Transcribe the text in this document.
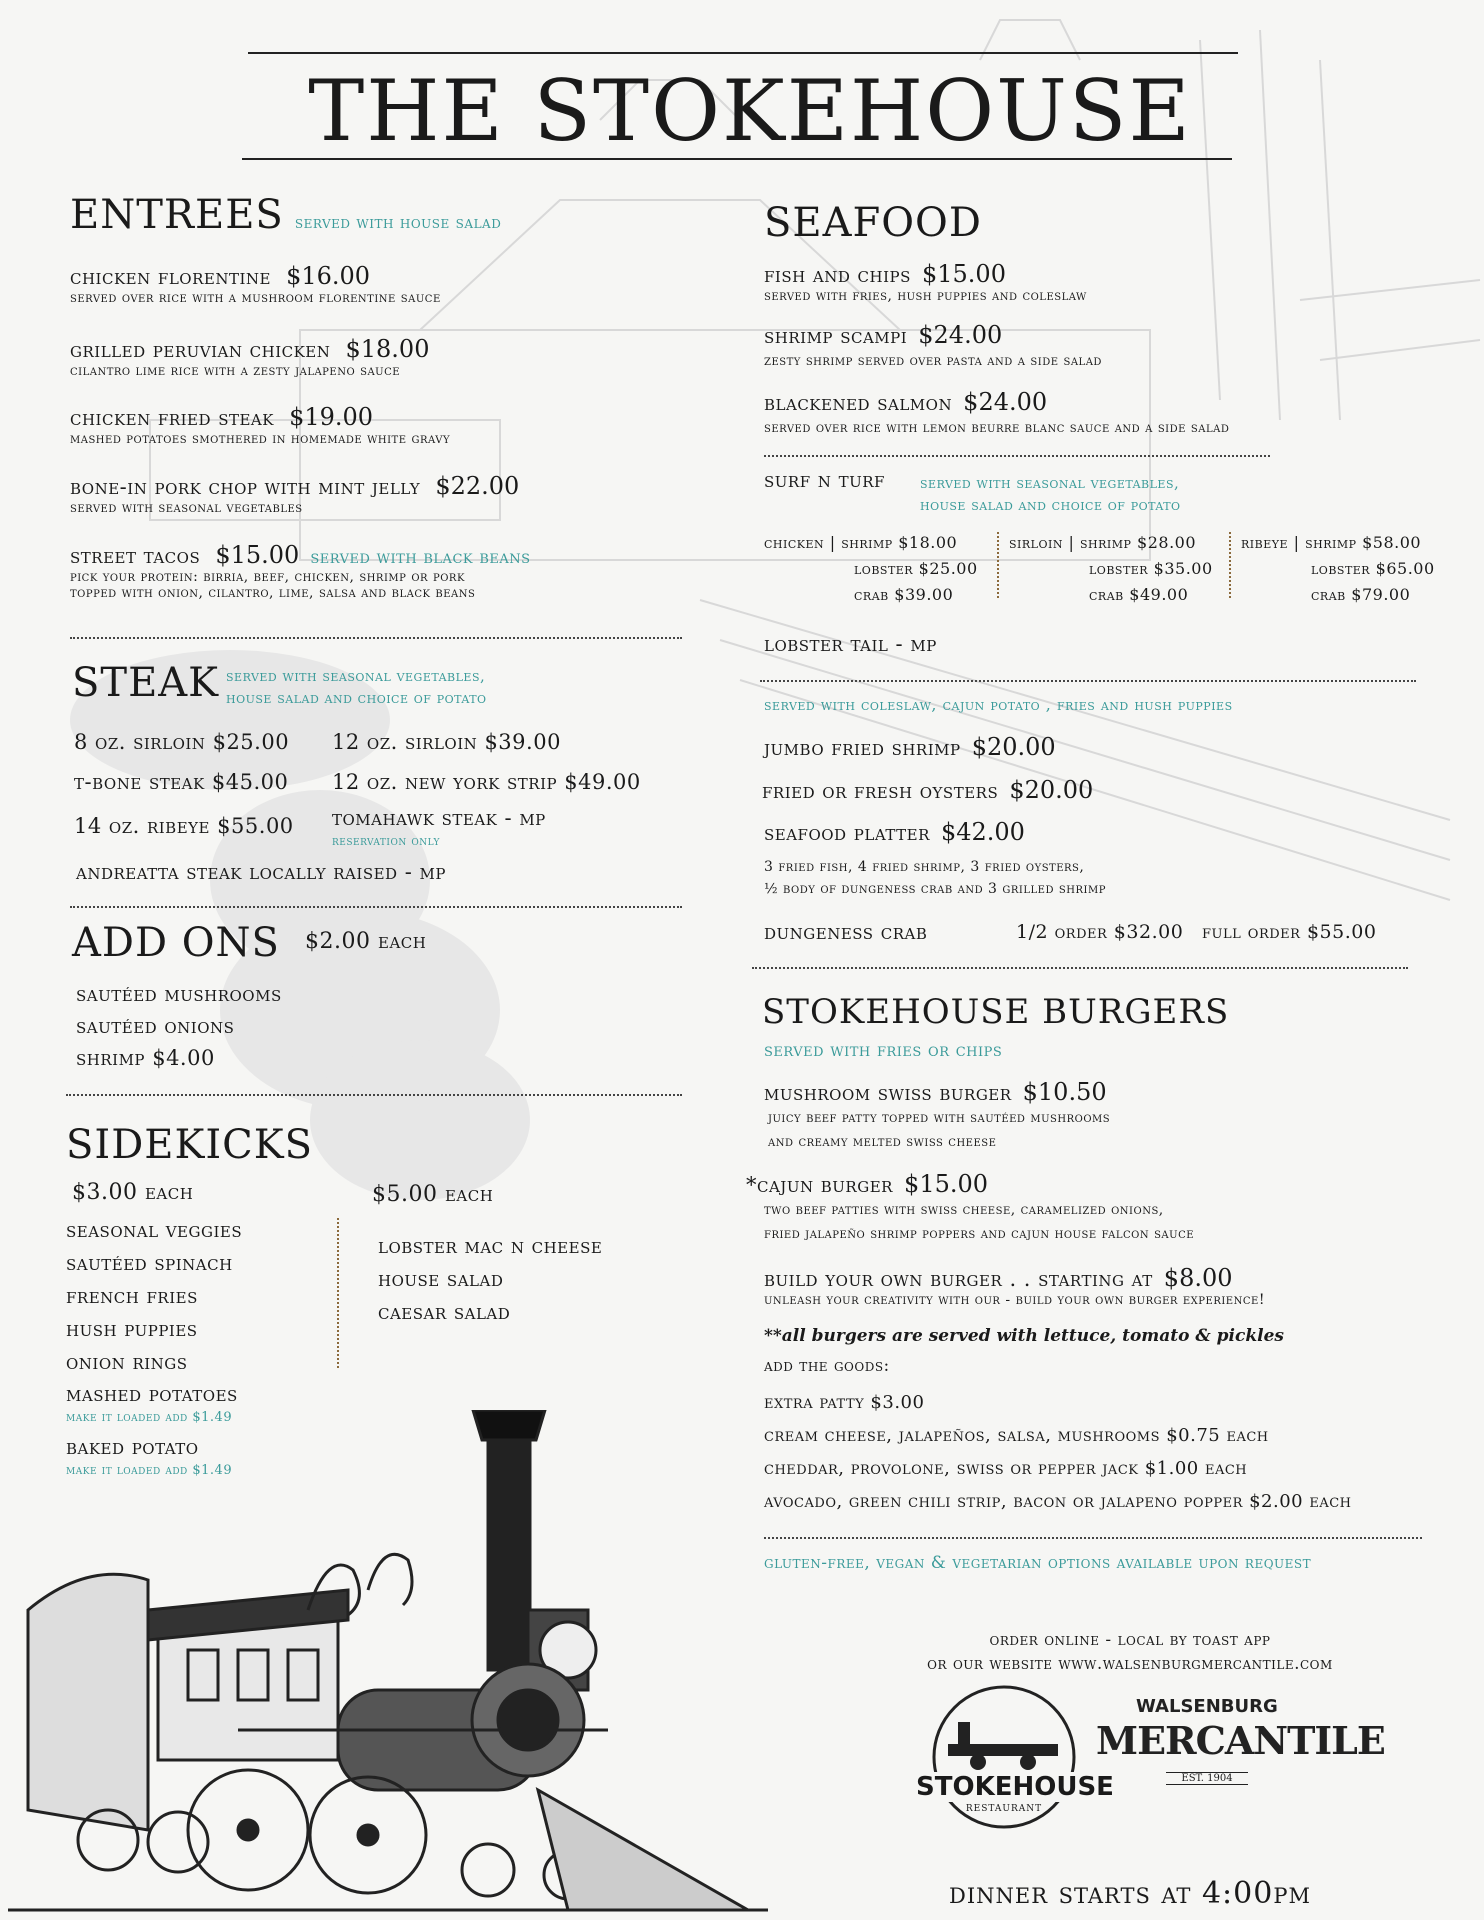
THE STOKEHOUSE
ENTREES served with house salad
chicken florentine $16.00
served over rice with a mushroom florentine sauce
grilled peruvian chicken $18.00
cilantro lime rice with a zesty jalapeno sauce
chicken fried steak $19.00
mashed potatoes smothered in homemade white gravy
bone-in pork chop with mint jelly $22.00
served with seasonal vegetables
street tacos $15.00 served with black beans
pick your protein: birria, beef, chicken, shrimp or pork
topped with onion, cilantro, lime, salsa and black beans
STEAK served with seasonal vegetables,
house salad and choice of potato
8 oz. sirloin $25.00 12 oz. sirloin $39.00
t-bone steak $45.00 12 oz. new york strip $49.00
14 oz. ribeye $55.00 tomahawk steak - mp
reservation only
andreatta steak locally raised - mp
ADD ONS $2.00 each
sautéed mushrooms
sautéed onions
shrimp $4.00
SIDEKICKS
$3.00 each
seasonal veggies
sautéed spinach
french fries
hush puppies
onion rings
mashed potatoes
make it loaded add $1.49
baked potato
make it loaded add $1.49
$5.00 each
lobster mac n cheese
house salad
caesar salad
SEAFOOD
fish and chips $15.00
served with fries, hush puppies and coleslaw
shrimp scampi $24.00
zesty shrimp served over pasta and a side salad
blackened salmon $24.00
served over rice with lemon beurre blanc sauce and a side salad
surf n turf served with seasonal vegetables,
house salad and choice of potato
chicken | shrimp $18.00
lobster $25.00
crab $39.00
sirloin | shrimp $28.00
lobster $35.00
crab $49.00
ribeye | shrimp $58.00
lobster $65.00
crab $79.00
lobster tail - mp
served with coleslaw, cajun potato , fries and hush puppies
jumbo fried shrimp $20.00
fried or fresh oysters $20.00
seafood platter $42.00
3 fried fish, 4 fried shrimp, 3 fried oysters,
½ body of dungeness crab and 3 grilled shrimp
dungeness crab	1/2 order $32.00 full order $55.00
STOKEHOUSE BURGERS
served with fries or chips
mushroom swiss burger $10.50
juicy beef patty topped with sautéed mushrooms
and creamy melted swiss cheese
*cajun burger $15.00
two beef patties with swiss cheese, caramelized onions,
fried jalapeño shrimp poppers and cajun house falcon sauce
build your own burger . . starting at $8.00
unleash your creativity with our - build your own burger experience!
**all burgers are served with lettuce, tomato & pickles
add the goods:
extra patty $3.00
cream cheese, jalapeños, salsa, mushrooms $0.75 each
cheddar, provolone, swiss or pepper jack $1.00 each
avocado, green chili strip, bacon or jalapeno popper $2.00 each
gluten-free, vegan & vegetarian options available upon request
order online - local by toast app
or our website www.walsenburgmercantile.com
STOKEHOUSE
RESTAURANT
WALSENBURG
MERCANTILE
EST. 1904
dinner starts at 4:00pm
